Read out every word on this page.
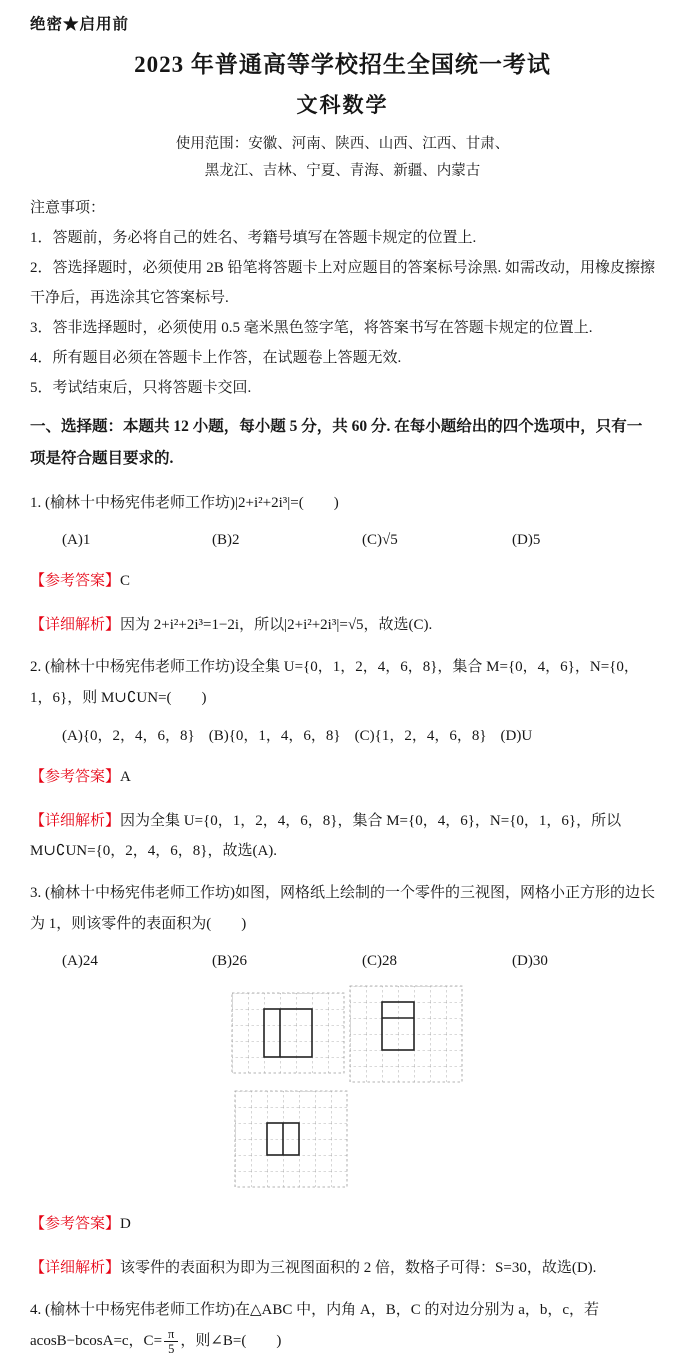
绝密★启用前
2023 年普通高等学校招生全国统一考试
文科数学
使用范围：安徽、河南、陕西、山西、江西、甘肃、
黑龙江、吉林、宁夏、青海、新疆、内蒙古
注意事项：
1．答题前，务必将自己的姓名、考籍号填写在答题卡规定的位置上.
2．答选择题时，必须使用 2B 铅笔将答题卡上对应题目的答案标号涂黑. 如需改动，用橡皮擦擦干净后，再选涂其它答案标号.
3．答非选择题时，必须使用 0.5 毫米黑色签字笔，将答案书写在答题卡规定的位置上.
4．所有题目必须在答题卡上作答，在试题卷上答题无效.
5．考试结束后，只将答题卡交回.
一、选择题：本题共 12 小题，每小题 5 分，共 60 分. 在每小题给出的四个选项中，只有一项是符合题目要求的.

1. (榆林十中杨宪伟老师工作坊)|2+i²+2i³|=(　　)

(A)1	(B)2	(C)√5	(D)5

【参考答案】C

【详细解析】因为 2+i²+2i³=1−2i，所以|2+i²+2i³|=√5，故选(C).

2. (榆林十中杨宪伟老师工作坊)设全集 U={0，1，2，4，6，8}，集合 M={0，4，6}，N={0，1，6}，则 M∪∁UN=(　　)

(A){0，2，4，6，8} (B){0，1，4，6，8} (C){1，2，4，6，8} (D)U

【参考答案】A

【详细解析】因为全集 U={0，1，2，4，6，8}，集合 M={0，4，6}，N={0，1，6}，所以 M∪∁UN={0，2，4，6，8}，故选(A).

3. (榆林十中杨宪伟老师工作坊)如图，网格纸上绘制的一个零件的三视图，网格小正方形的边长为 1，则该零件的表面积为(　　)

(A)24	(B)26	(C)28	(D)30

【参考答案】D

【详细解析】该零件的表面积为即为三视图面积的 2 倍，数格子可得：S=30，故选(D).

4. (榆林十中杨宪伟老师工作坊)在△ABC 中，内角 A，B，C 的对边分别为 a，b，c，若 acosB−bcosA=c，$C= \frac{\pi}{5}$ ，则∠B=(　　)
